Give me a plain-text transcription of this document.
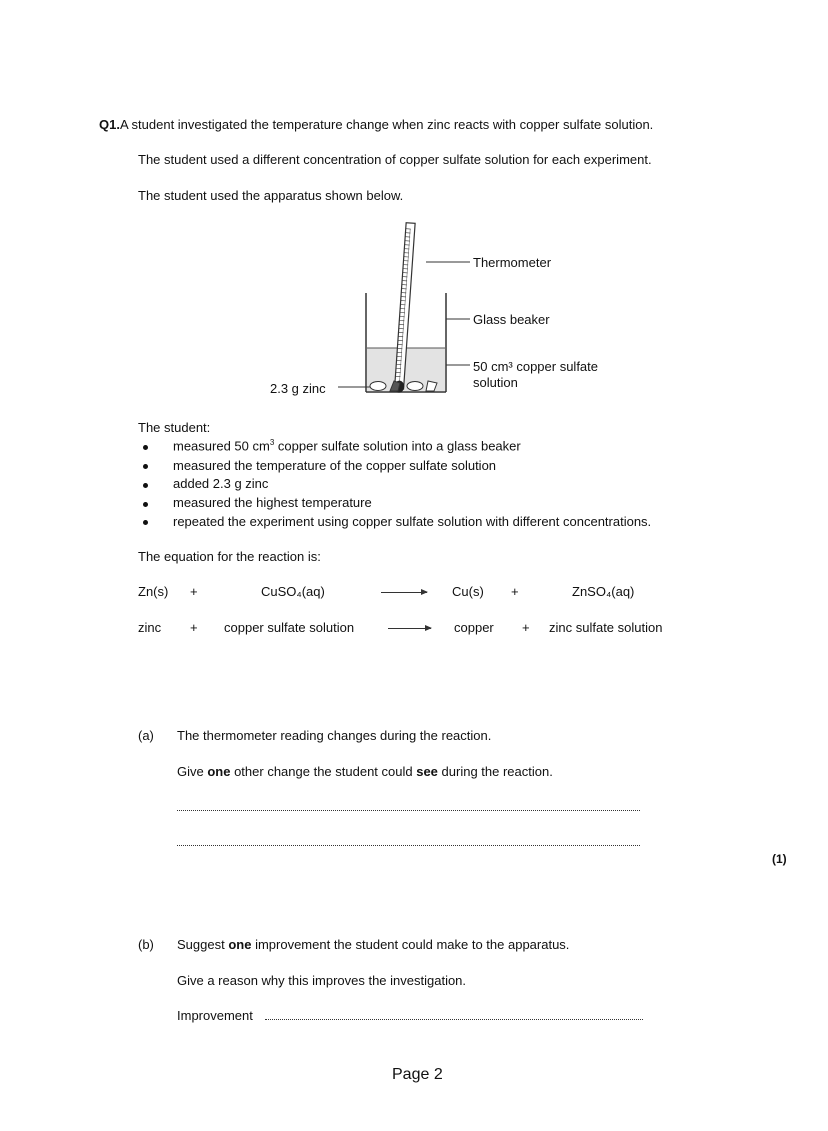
Q1.A student investigated the temperature change when zinc reacts with copper sulfate solution.
The student used a different concentration of copper sulfate solution for each experiment.
The student used the apparatus shown below.
Thermometer
Glass beaker
50 cm³ copper sulfate
solution
2.3 g zinc
The student:
measured 50 $cm^3$ copper sulfate solution into a glass beaker
measured the temperature of the copper sulfate solution
added 2.3 g zinc
measured the highest temperature
repeated the experiment using copper sulfate solution with different concentrations.
The equation for the reaction is:
Zn(s) +	CuSO₄(aq)	Cu(s) +	ZnSO₄(aq)
zinc + copper sulfate solution → copper + zinc sulfate solution
(a) The thermometer reading changes during the reaction.
Give one other change the student could see during the reaction.
(1)
(b) Suggest one improvement the student could make to the apparatus.
Give a reason why this improves the investigation.
Improvement
Page 2
